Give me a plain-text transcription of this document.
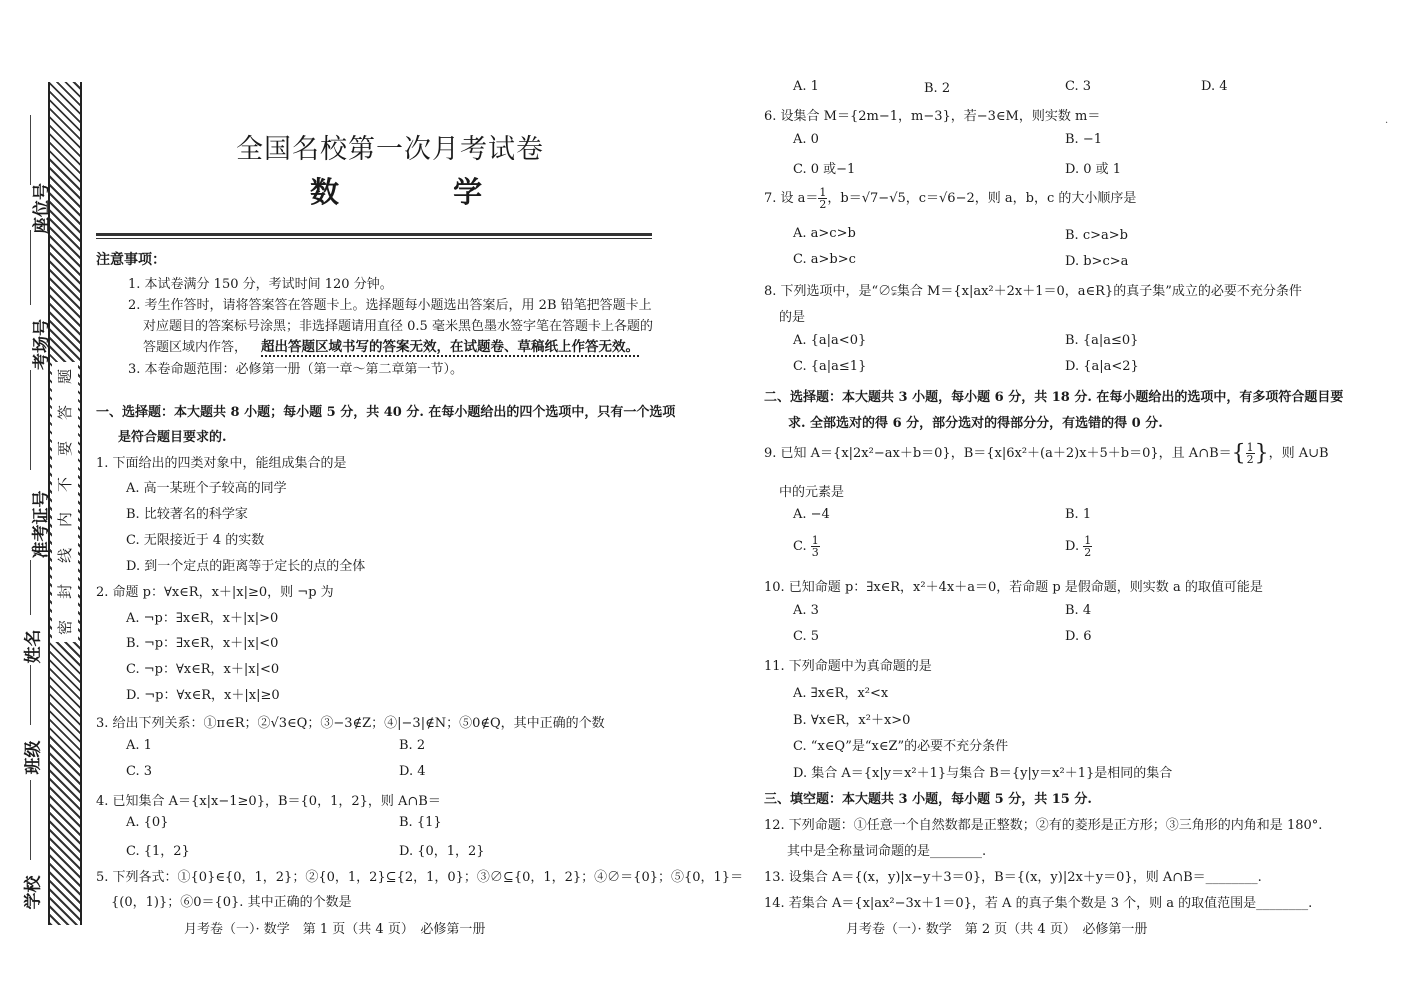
题
答
要
不
内
线
封
密
座位号
考场号
准考证号
姓名
班级
学校
全国名校第一次月考试卷
数 学
注意事项：
1. 本试卷满分 150 分，考试时间 120 分钟。
2. 考生作答时，请将答案答在答题卡上。选择题每小题选出答案后，用 2B 铅笔把答题卡上
对应题目的答案标号涂黑；非选择题请用直径 0.5 毫米黑色墨水签字笔在答题卡上各题的
答题区域内作答， 超出答题区域书写的答案无效，在试题卷、草稿纸上作答无效。
3. 本卷命题范围：必修第一册（第一章～第二章第一节）。
一、选择题：本大题共 8 小题；每小题 5 分，共 40 分. 在每小题给出的四个选项中，只有一个选项
是符合题目要求的.
1. 下面给出的四类对象中，能组成集合的是
A. 高一某班个子较高的同学
B. 比较著名的科学家
C. 无限接近于 4 的实数
D. 到一个定点的距离等于定长的点的全体
2. 命题 p：∀x∈R，x＋|x|≥0，则 ¬p 为
A. ¬p：∃x∈R，x＋|x|>0
B. ¬p：∃x∈R，x＋|x|<0
C. ¬p：∀x∈R，x＋|x|<0
D. ¬p：∀x∈R，x＋|x|≥0
3. 给出下列关系：①π∈R；②√3∈Q；③−3∉Z；④|−3|∉N；⑤0∉Q，其中正确的个数
A. 1	B. 2
C. 3	D. 4
4. 已知集合 A＝{x|x−1≥0}，B＝{0，1，2}，则 A∩B＝
A. {0}	B. {1}
C. {1，2}	D. {0，1，2}
5. 下列各式：①{0}∈{0，1，2}；②{0，1，2}⊆{2，1，0}；③∅⊆{0，1，2}；④∅＝{0}；⑤{0，1}＝
{(0，1)}；⑥0＝{0}. 其中正确的个数是
月考卷（一）· 数学　第 1 页（共 4 页）　必修第一册
A. 1	B. 2	C. 3	D. 4
6. 设集合 M＝{2m−1，m−3}，若−3∈M，则实数 m＝
A. 0	B. −1
C. 0 或−1	D. 0 或 1
7. 设 $a= \frac{1}{2}$ ，b＝√7−√5，c＝√6−2，则 a，b，c 的大小顺序是
A. a>c>b	B. c>a>b
C. a>b>c	D. b>c>a
8. 下列选项中，是“∅⫋集合 M＝{x|ax²＋2x＋1＝0，a∈R}的真子集”成立的必要不充分条件
的是
A. {a|a<0}	B. {a|a≤0}
C. {a|a≤1}	D. {a|a<2}
二、选择题：本大题共 3 小题，每小题 6 分，共 18 分. 在每小题给出的选项中，有多项符合题目要
求. 全部选对的得 6 分，部分选对的得部分分，有选错的得 0 分.
9. 已知 A＝{x|2x²−ax＋b＝0}，B＝{x|6x²＋(a＋2)x＋5＋b＝0}，且 A∩B＝{ $\frac{1}{2}$ }，则 A∪B
中的元素是
A. −4	B. 1
C. $\frac{1}{3}$	D. $\frac{1}{2}$
10. 已知命题 p：∃x∈R，x²＋4x＋a＝0，若命题 p 是假命题，则实数 a 的取值可能是
A. 3	B. 4
C. 5	D. 6
11. 下列命题中为真命题的是
A. ∃x∈R，x²<x
B. ∀x∈R，x²＋x>0
C. “x∈Q”是“x∈Z”的必要不充分条件
D. 集合 A＝{x|y＝x²＋1}与集合 B＝{y|y＝x²＋1}是相同的集合
三、填空题：本大题共 3 小题，每小题 5 分，共 15 分.
12. 下列命题：①任意一个自然数都是正整数；②有的菱形是正方形；③三角形的内角和是 180°.
其中是全称量词命题的是________.
13. 设集合 A＝{(x，y)|x−y＋3＝0}，B＝{(x，y)|2x＋y＝0}，则 A∩B＝________.
14. 若集合 A＝{x|ax²−3x＋1＝0}，若 A 的真子集个数是 3 个，则 a 的取值范围是________.
月考卷（一）· 数学　第 2 页（共 4 页）　必修第一册
·
